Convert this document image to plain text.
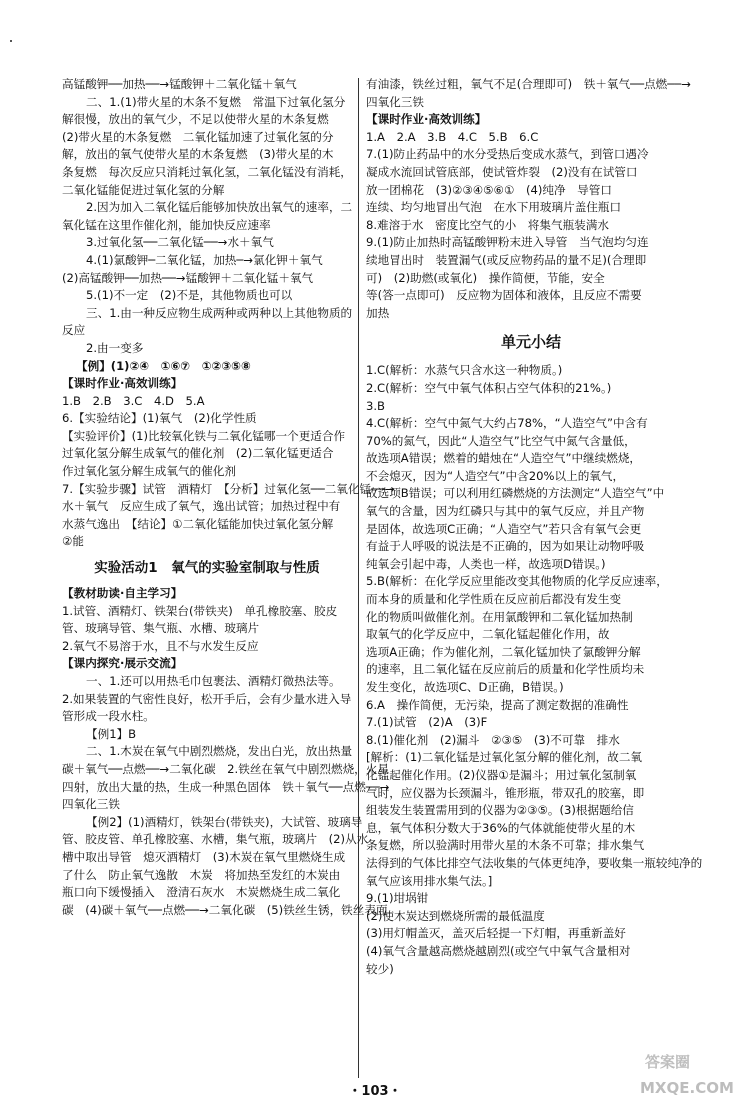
高锰酸钾──加热──→锰酸钾＋二氧化锰＋氧气
二、1.(1)带火星的木条不复燃　常温下过氧化氢分
解很慢，放出的氧气少，不足以使带火星的木条复燃
(2)带火星的木条复燃　二氧化锰加速了过氧化氢的分
解，放出的氧气使带火星的木条复燃　(3)带火星的木
条复燃　每次反应只消耗过氧化氢，二氧化锰没有消耗，
二氧化锰能促进过氧化氢的分解
2.因为加入二氧化锰后能够加快放出氧气的速率，二
氧化锰在这里作催化剂，能加快反应速率
3.过氧化氢──二氧化锰──→水＋氧气
4.(1)氯酸钾─二氧化锰，加热─→氯化钾＋氧气
(2)高锰酸钾──加热──→锰酸钾＋二氧化锰＋氧气
5.(1)不一定　(2)不是，其他物质也可以
三、1.由一种反应物生成两种或两种以上其他物质的
反应
2.由一变多
【例】(1)②④　①⑥⑦　①②③⑤⑧
【课时作业·高效训练】
1.B　2.B　3.C　4.D　5.A
6.【实验结论】(1)氧气　(2)化学性质
【实验评价】(1)比较氧化铁与二氧化锰哪一个更适合作
过氧化氢分解生成氧气的催化剂　(2)二氧化锰更适合
作过氧化氢分解生成氧气的催化剂
7.【实验步骤】试管　酒精灯　【分析】过氧化氢──二氧化锰──→
水＋氧气　反应生成了氧气，逸出试管；加热过程中有
水蒸气逸出　【结论】①二氧化锰能加快过氧化氢分解
②能
实验活动1　氧气的实验室制取与性质
【教材助读·自主学习】
1.试管、酒精灯、铁架台(带铁夹)　单孔橡胶塞、胶皮
管、玻璃导管、集气瓶、水槽、玻璃片
2.氧气不易溶于水，且不与水发生反应
【课内探究·展示交流】
一、1.还可以用热毛巾包裹法、酒精灯微热法等。
2.如果装置的气密性良好，松开手后，会有少量水进入导
管形成一段水柱。
【例1】B
二、1.木炭在氧气中剧烈燃烧，发出白光，放出热量
碳＋氧气──点燃──→二氧化碳　2.铁丝在氧气中剧烈燃烧，火星
四射，放出大量的热，生成一种黑色固体　铁＋氧气──点燃──→
四氧化三铁
【例2】(1)酒精灯，铁架台(带铁夹)，大试管、玻璃导
管、胶皮管、单孔橡胶塞、水槽，集气瓶，玻璃片　(2)从水
槽中取出导管　熄灭酒精灯　(3)木炭在氧气里燃烧生成
了什么　防止氧气逸散　木炭　将加热至发红的木炭由
瓶口向下缓慢插入　澄清石灰水　木炭燃烧生成二氧化
碳　(4)碳＋氧气──点燃──→二氧化碳　(5)铁丝生锈，铁丝表面
有油漆，铁丝过粗，氧气不足(合理即可)　铁＋氧气──点燃──→
四氧化三铁
【课时作业·高效训练】
1.A　2.A　3.B　4.C　5.B　6.C
7.(1)防止药品中的水分受热后变成水蒸气，到管口遇冷
凝成水流回试管底部，使试管炸裂　(2)没有在试管口
放一团棉花　(3)②③④⑤⑥①　(4)纯净　导管口
连续、均匀地冒出气泡　在水下用玻璃片盖住瓶口
8.难溶于水　密度比空气的小　将集气瓶装满水
9.(1)防止加热时高锰酸钾粉末进入导管　当气泡均匀连
续地冒出时　装置漏气(或反应物药品的量不足)(合理即
可)　(2)助燃(或氧化)　操作简便，节能，安全
等(答一点即可)　反应物为固体和液体，且反应不需要
加热
单元小结
1.C(解析：水蒸气只含水这一种物质。)
2.C(解析：空气中氧气体积占空气体积的21%。)
3.B
4.C(解析：空气中氮气大约占78%，“人造空气”中含有
70%的氮气，因此“人造空气”比空气中氮气含量低，
故选项A错误；燃着的蜡烛在“人造空气”中继续燃烧，
不会熄灭，因为“人造空气”中含20%以上的氧气，
故选项B错误；可以利用红磷燃烧的方法测定“人造空气”中
氧气的含量，因为红磷只与其中的氧气反应，并且产物
是固体，故选项C正确；“人造空气”若只含有氧气会更
有益于人呼吸的说法是不正确的，因为如果让动物呼吸
纯氧会引起中毒，人类也一样，故选项D错误。)
5.B(解析：在化学反应里能改变其他物质的化学反应速率，
而本身的质量和化学性质在反应前后都没有发生变
化的物质叫做催化剂。在用氯酸钾和二氧化锰加热制
取氧气的化学反应中，二氧化锰起催化作用，故
选项A正确；作为催化剂，二氧化锰加快了氯酸钾分解
的速率，且二氧化锰在反应前后的质量和化学性质均未
发生变化，故选项C、D正确，B错误。)
6.A　操作简便，无污染，提高了测定数据的准确性
7.(1)试管　(2)A　(3)F
8.(1)催化剂　(2)漏斗　②③⑤　(3)不可靠　排水
[解析：(1)二氧化锰是过氧化氢分解的催化剂，故二氧
化锰起催化作用。(2)仪器①是漏斗；用过氧化氢制氧
气时，应仪器为长颈漏斗，锥形瓶，带双孔的胶塞，即
组装发生装置需用到的仪器为②③⑤。(3)根据题给信
息，氧气体积分数大于36%的气体就能使带火星的木
条复燃，所以验满时用带火星的木条不可靠；排水集气
法得到的气体比排空气法收集的气体更纯净，要收集一瓶较纯净的
氧气应该用排水集气法。]
9.(1)坩埚钳
(2)使木炭达到燃烧所需的最低温度
(3)用灯帽盖灭，盖灭后轻提一下灯帽，再重新盖好
(4)氧气含量越高燃烧越剧烈(或空气中氧气含量相对
较少)
・103・
答案圈
MXQE.COM
